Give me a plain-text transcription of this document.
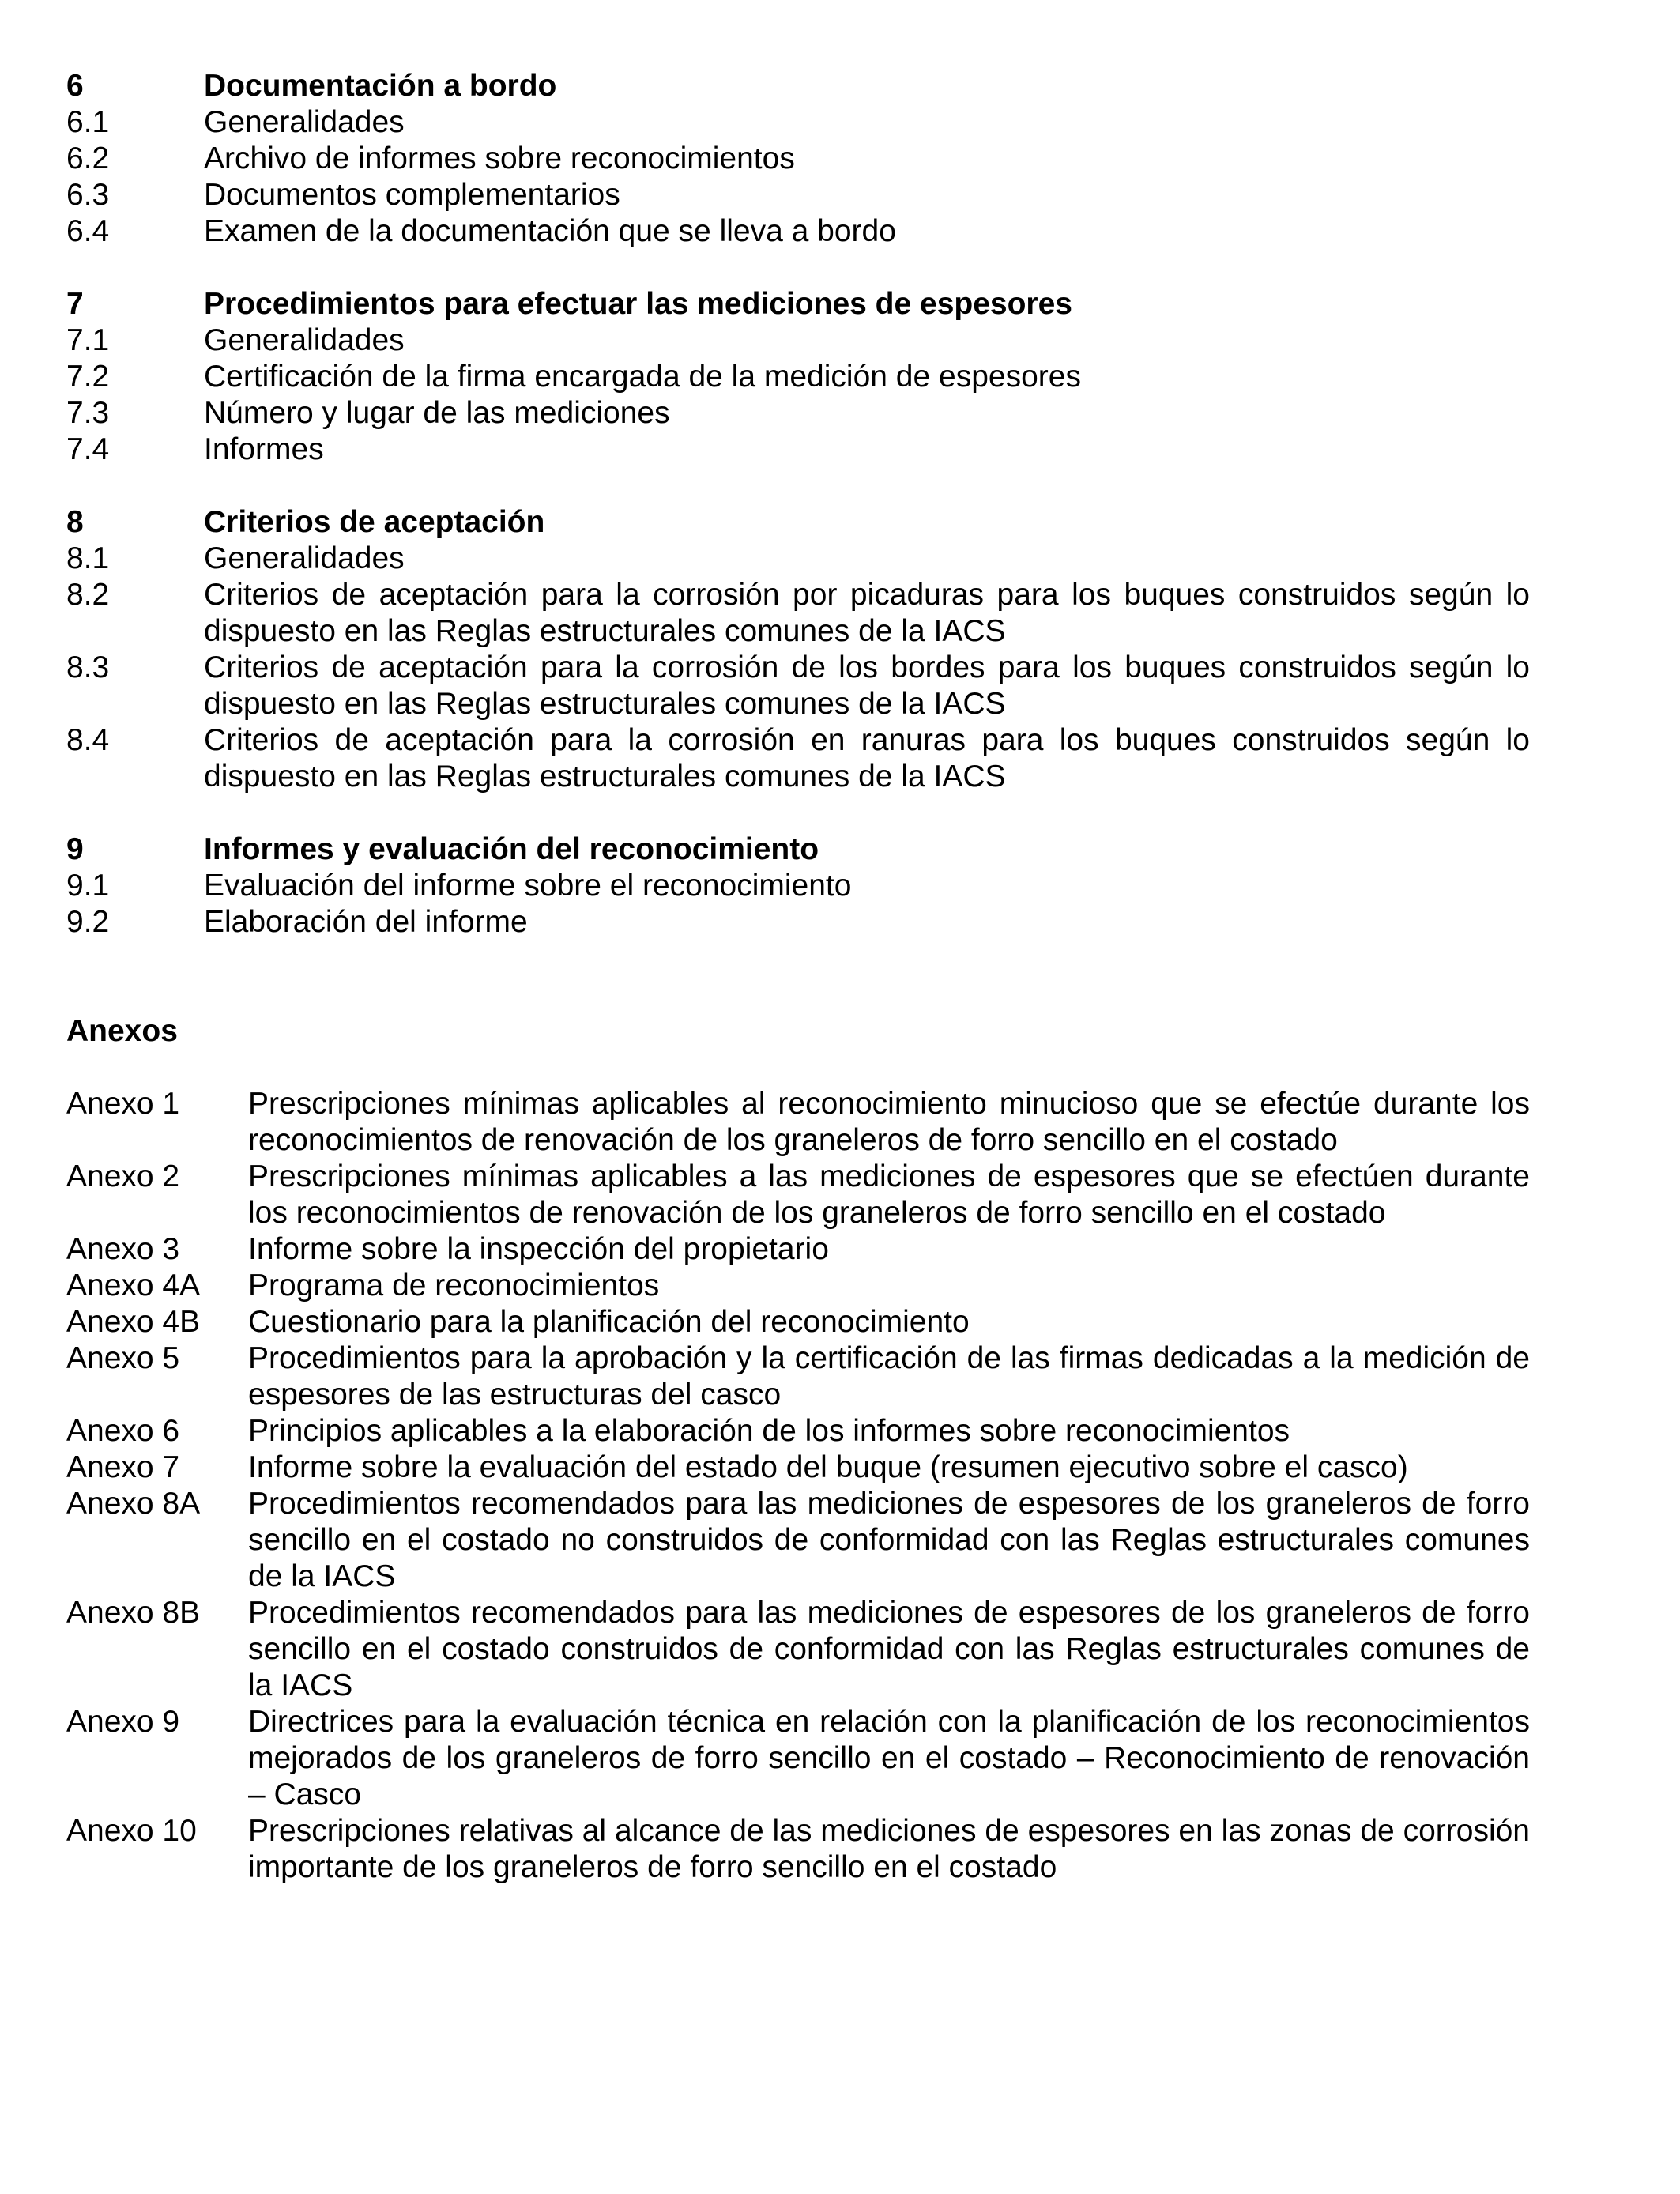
6	Documentación a bordo
6.1	Generalidades
6.2	Archivo de informes sobre reconocimientos
6.3	Documentos complementarios
6.4	Examen de la documentación que se lleva a bordo
7	Procedimientos para efectuar las mediciones de espesores
7.1	Generalidades
7.2	Certificación de la firma encargada de la medición de espesores
7.3	Número y lugar de las mediciones
7.4	Informes
8	Criterios de aceptación
8.1	Generalidades
8.2	Criterios de aceptación para la corrosión por picaduras para los buques construidos según lo dispuesto en las Reglas estructurales comunes de la IACS
8.3	Criterios de aceptación para la corrosión de los bordes para los buques construidos según lo dispuesto en las Reglas estructurales comunes de la IACS
8.4	Criterios de aceptación para la corrosión en ranuras para los buques construidos según lo dispuesto en las Reglas estructurales comunes de la IACS
9	Informes y evaluación del reconocimiento
9.1	Evaluación del informe sobre el reconocimiento
9.2	Elaboración del informe
Anexos
Anexo 1	Prescripciones mínimas aplicables al reconocimiento minucioso que se efectúe durante los reconocimientos de renovación de los graneleros de forro sencillo en el costado
Anexo 2	Prescripciones mínimas aplicables a las mediciones de espesores que se efectúen durante los reconocimientos de renovación de los graneleros de forro sencillo en el costado
Anexo 3	Informe sobre la inspección del propietario
Anexo 4A	Programa de reconocimientos
Anexo 4B	Cuestionario para la planificación del reconocimiento
Anexo 5	Procedimientos para la aprobación y la certificación de las firmas dedicadas a la medición de espesores de las estructuras del casco
Anexo 6	Principios aplicables a la elaboración de los informes sobre reconocimientos
Anexo 7	Informe sobre la evaluación del estado del buque (resumen ejecutivo sobre el casco)
Anexo 8A	Procedimientos recomendados para las mediciones de espesores de los graneleros de forro sencillo en el costado no construidos de conformidad con las Reglas estructurales comunes de la IACS
Anexo 8B	Procedimientos recomendados para las mediciones de espesores de los graneleros de forro sencillo en el costado construidos de conformidad con las Reglas estructurales comunes de la IACS
Anexo 9	Directrices para la evaluación técnica en relación con la planificación de los reconocimientos mejorados de los graneleros de forro sencillo en el costado – Reconocimiento de renovación – Casco
Anexo 10	Prescripciones relativas al alcance de las mediciones de espesores en las zonas de corrosión importante de los graneleros de forro sencillo en el costado
